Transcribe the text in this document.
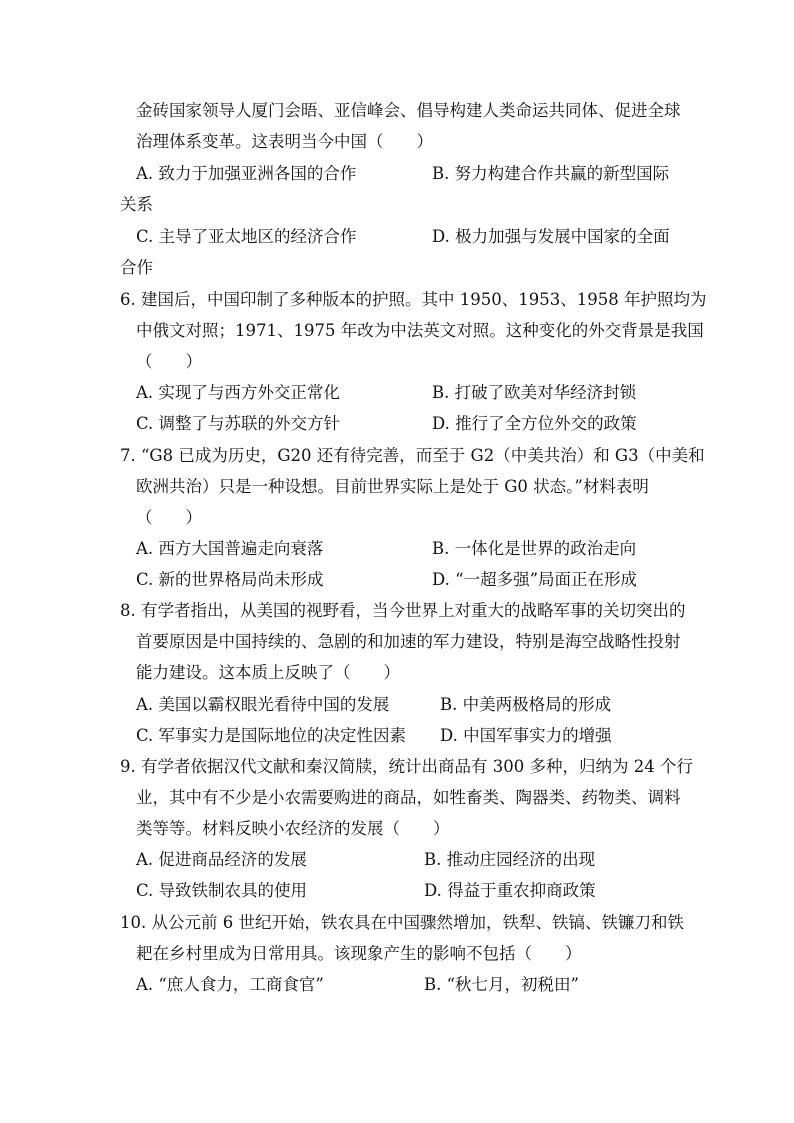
金砖国家领导人厦门会晤、亚信峰会、倡导构建人类命运共同体、促进全球
治理体系变革。这表明当今中国（　　）
A. 致力于加强亚洲各国的合作	B. 努力构建合作共赢的新型国际
关系
C. 主导了亚太地区的经济合作	D. 极力加强与发展中国家的全面
合作
6. 建国后，中国印制了多种版本的护照。其中 1950、1953、1958 年护照均为
中俄文对照；1971、1975 年改为中法英文对照。这种变化的外交背景是我国
（　　）
A. 实现了与西方外交正常化	B. 打破了欧美对华经济封锁
C. 调整了与苏联的外交方针	D. 推行了全方位外交的政策
7. “G8 已成为历史，G20 还有待完善，而至于 G2（中美共治）和 G3（中美和
欧洲共治）只是一种设想。目前世界实际上是处于 G0 状态。”材料表明
（　　）
A. 西方大国普遍走向衰落	B. 一体化是世界的政治走向
C. 新的世界格局尚未形成	D. “一超多强”局面正在形成
8. 有学者指出，从美国的视野看，当今世界上对重大的战略军事的关切突出的
首要原因是中国持续的、急剧的和加速的军力建设，特别是海空战略性投射
能力建设。这本质上反映了（　　）
A. 美国以霸权眼光看待中国的发展	B. 中美两极格局的形成
C. 军事实力是国际地位的决定性因素 D. 中国军事实力的增强
9. 有学者依据汉代文献和秦汉简牍，统计出商品有 300 多种，归纳为 24 个行
业，其中有不少是小农需要购进的商品，如牲畜类、陶器类、药物类、调料
类等等。材料反映小农经济的发展（　　）
A. 促进商品经济的发展	B. 推动庄园经济的出现
C. 导致铁制农具的使用	D. 得益于重农抑商政策
10. 从公元前 6 世纪开始，铁农具在中国骤然增加，铁犁、铁镐、铁镰刀和铁
耙在乡村里成为日常用具。该现象产生的影响不包括（　　）
A. “庶人食力，工商食官”	B. “秋七月，初税田”
